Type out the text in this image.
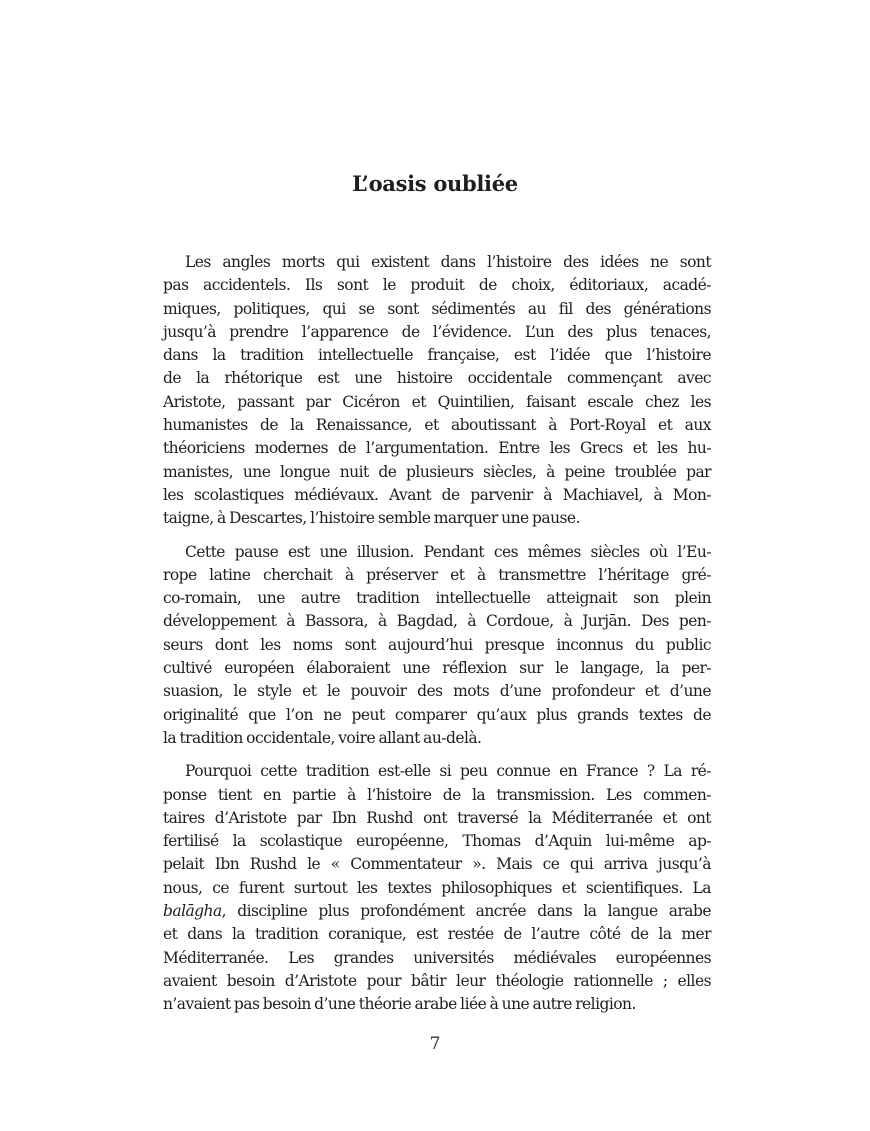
L’oasis oubliée
Les angles morts qui existent dans l’histoire des idées ne sont
pas accidentels. Ils sont le produit de choix, éditoriaux, acadé-
miques, politiques, qui se sont sédimentés au fil des générations
jusqu’à prendre l’apparence de l’évidence. L’un des plus tenaces,
dans la tradition intellectuelle française, est l’idée que l’histoire
de la rhétorique est une histoire occidentale commençant avec
Aristote, passant par Cicéron et Quintilien, faisant escale chez les
humanistes de la Renaissance, et aboutissant à Port-Royal et aux
théoriciens modernes de l’argumentation. Entre les Grecs et les hu-
manistes, une longue nuit de plusieurs siècles, à peine troublée par
les scolastiques médiévaux. Avant de parvenir à Machiavel, à Mon-
taigne, à Descartes, l’histoire semble marquer une pause.
Cette pause est une illusion. Pendant ces mêmes siècles où l’Eu-
rope latine cherchait à préserver et à transmettre l’héritage gré-
co-romain, une autre tradition intellectuelle atteignait son plein
développement à Bassora, à Bagdad, à Cordoue, à Jurjān. Des pen-
seurs dont les noms sont aujourd’hui presque inconnus du public
cultivé européen élaboraient une réflexion sur le langage, la per-
suasion, le style et le pouvoir des mots d’une profondeur et d’une
originalité que l’on ne peut comparer qu’aux plus grands textes de
la tradition occidentale, voire allant au-delà.
Pourquoi cette tradition est-elle si peu connue en France ? La ré-
ponse tient en partie à l’histoire de la transmission. Les commen-
taires d’Aristote par Ibn Rushd ont traversé la Méditerranée et ont
fertilisé la scolastique européenne, Thomas d’Aquin lui-même ap-
pelait Ibn Rushd le « Commentateur ». Mais ce qui arriva jusqu’à
nous, ce furent surtout les textes philosophiques et scientifiques. La
balāgha, discipline plus profondément ancrée dans la langue arabe
et dans la tradition coranique, est restée de l’autre côté de la mer
Méditerranée. Les grandes universités médiévales européennes
avaient besoin d’Aristote pour bâtir leur théologie rationnelle ; elles
n’avaient pas besoin d’une théorie arabe liée à une autre religion.

7
